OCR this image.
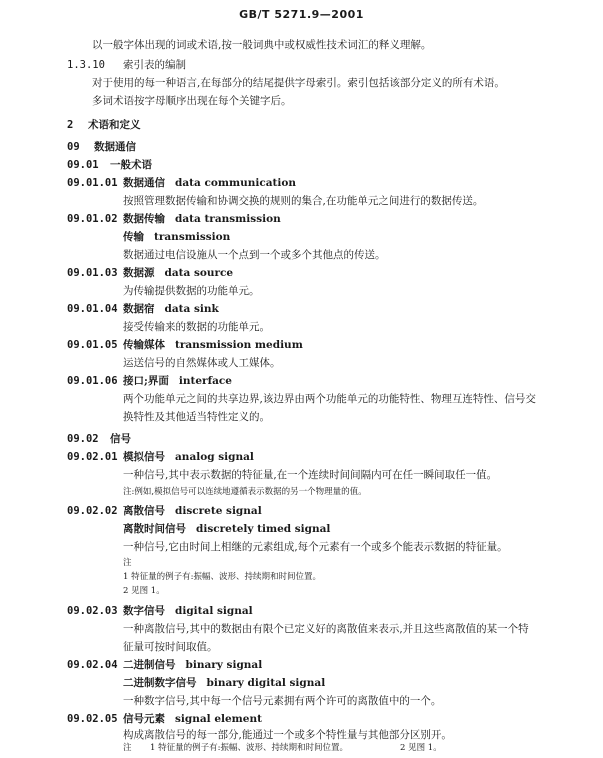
GB/T 5271.9—2001
以一般字体出现的词或术语,按一般词典中或权威性技术词汇的释义理解。
1.3.10 索引表的编制
对于使用的每一种语言,在每部分的结尾提供字母索引。索引包括该部分定义的所有术语。
多词术语按字母顺序出现在每个关键字后。
2 术语和定义
09 数据通信
09.01 一般术语
09.01.01 数据通信 data communication
按照管理数据传输和协调交换的规则的集合,在功能单元之间进行的数据传送。
09.01.02 数据传输 data transmission
传输 transmission
数据通过电信设施从一个点到一个或多个其他点的传送。
09.01.03 数据源 data source
为传输提供数据的功能单元。
09.01.04 数据宿 data sink
接受传输来的数据的功能单元。
09.01.05 传输媒体 transmission medium
运送信号的自然媒体或人工媒体。
09.01.06 接口;界面 interface
两个功能单元之间的共享边界,该边界由两个功能单元的功能特性、物理互连特性、信号交
换特性及其他适当特性定义的。
09.02 信号
09.02.01 模拟信号 analog signal
一种信号,其中表示数据的特征量,在一个连续时间间隔内可在任一瞬间取任一值。
注:例如,模拟信号可以连续地遵循表示数据的另一个物理量的值。
09.02.02 离散信号 discrete signal
离散时间信号 discretely timed signal
一种信号,它由时间上相继的元素组成,每个元素有一个或多个能表示数据的特征量。
注
1 特征量的例子有:振幅、波形、持续期和时间位置。
2 见图 1。
09.02.03 数字信号 digital signal
一种离散信号,其中的数据由有限个已定义好的离散值来表示,并且这些离散值的某一个特
征量可按时间取值。
09.02.04 二进制信号 binary signal
二进制数字信号 binary digital signal
一种数字信号,其中每一个信号元素拥有两个许可的离散值中的一个。
09.02.05 信号元素 signal element
构成离散信号的每一部分,能通过一个或多个特性量与其他部分区别开。
注 1 特征量的例子有:振幅、波形、持续期和时间位置。	2 见图 1。
